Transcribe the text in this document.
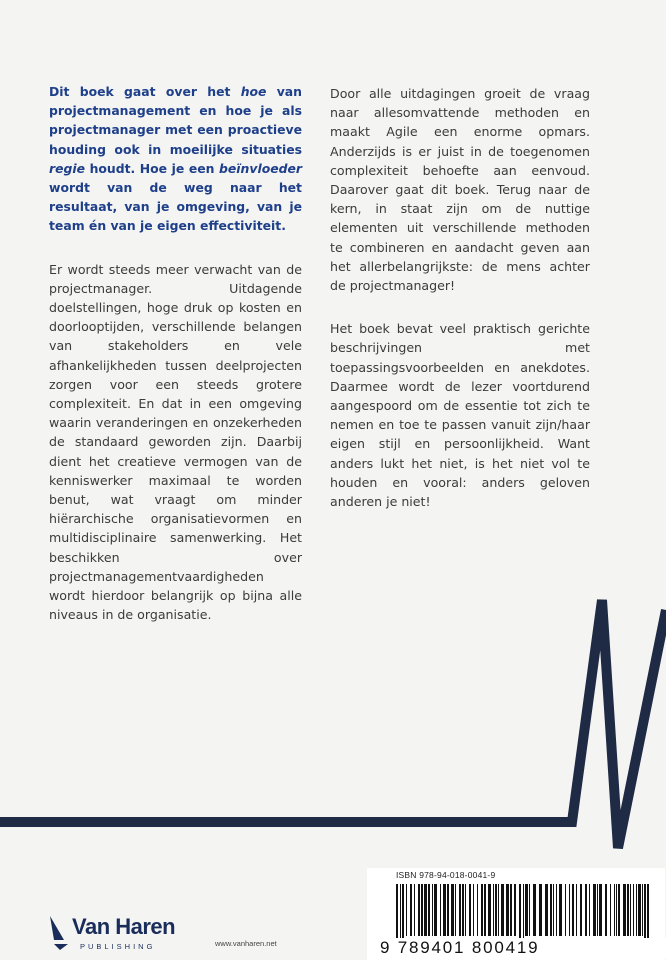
Dit boek gaat over het hoe van projectmanagement en hoe je als projectmanager met een proactieve houding ook in moeilijke situaties regie houdt. Hoe je een beïnvloeder wordt van de weg naar het resultaat, van je omgeving, van je team én van je eigen effectiviteit.

Er wordt steeds meer verwacht van de projectmanager. Uitdagende doelstellingen, hoge druk op kosten en doorlooptijden, verschillende belangen van stakeholders en vele afhankelijkheden tussen deelprojecten zorgen voor een steeds grotere complexiteit. En dat in een omgeving waarin veranderingen en onzekerheden de standaard geworden zijn. Daarbij dient het creatieve vermogen van de kenniswerker maximaal te worden benut, wat vraagt om minder hiërarchische organisatievormen en multidisciplinaire samenwerking. Het beschikken over projectmanagementvaardigheden wordt hierdoor belangrijk op bijna alle niveaus in de organisatie.

Door alle uitdagingen groeit de vraag naar allesomvattende methoden en maakt Agile een enorme opmars. Anderzijds is er juist in de toegenomen complexiteit behoefte aan eenvoud. Daarover gaat dit boek. Terug naar de kern, in staat zijn om de nuttige elementen uit verschillende methoden te combineren en aandacht geven aan het allerbelangrijkste: de mens achter de projectmanager!

Het boek bevat veel praktisch gerichte beschrijvingen met toepassingsvoorbeelden en anekdotes. Daarmee wordt de lezer voortdurend aangespoord om de essentie tot zich te nemen en toe te passen vanuit zijn/haar eigen stijl en persoonlijkheid. Want anders lukt het niet, is het niet vol te houden en vooral: anders geloven anderen je niet!

ISBN 978-94-018-0041-9
9 789401 800419
Van Haren
PUBLISHING	www.vanharen.net
